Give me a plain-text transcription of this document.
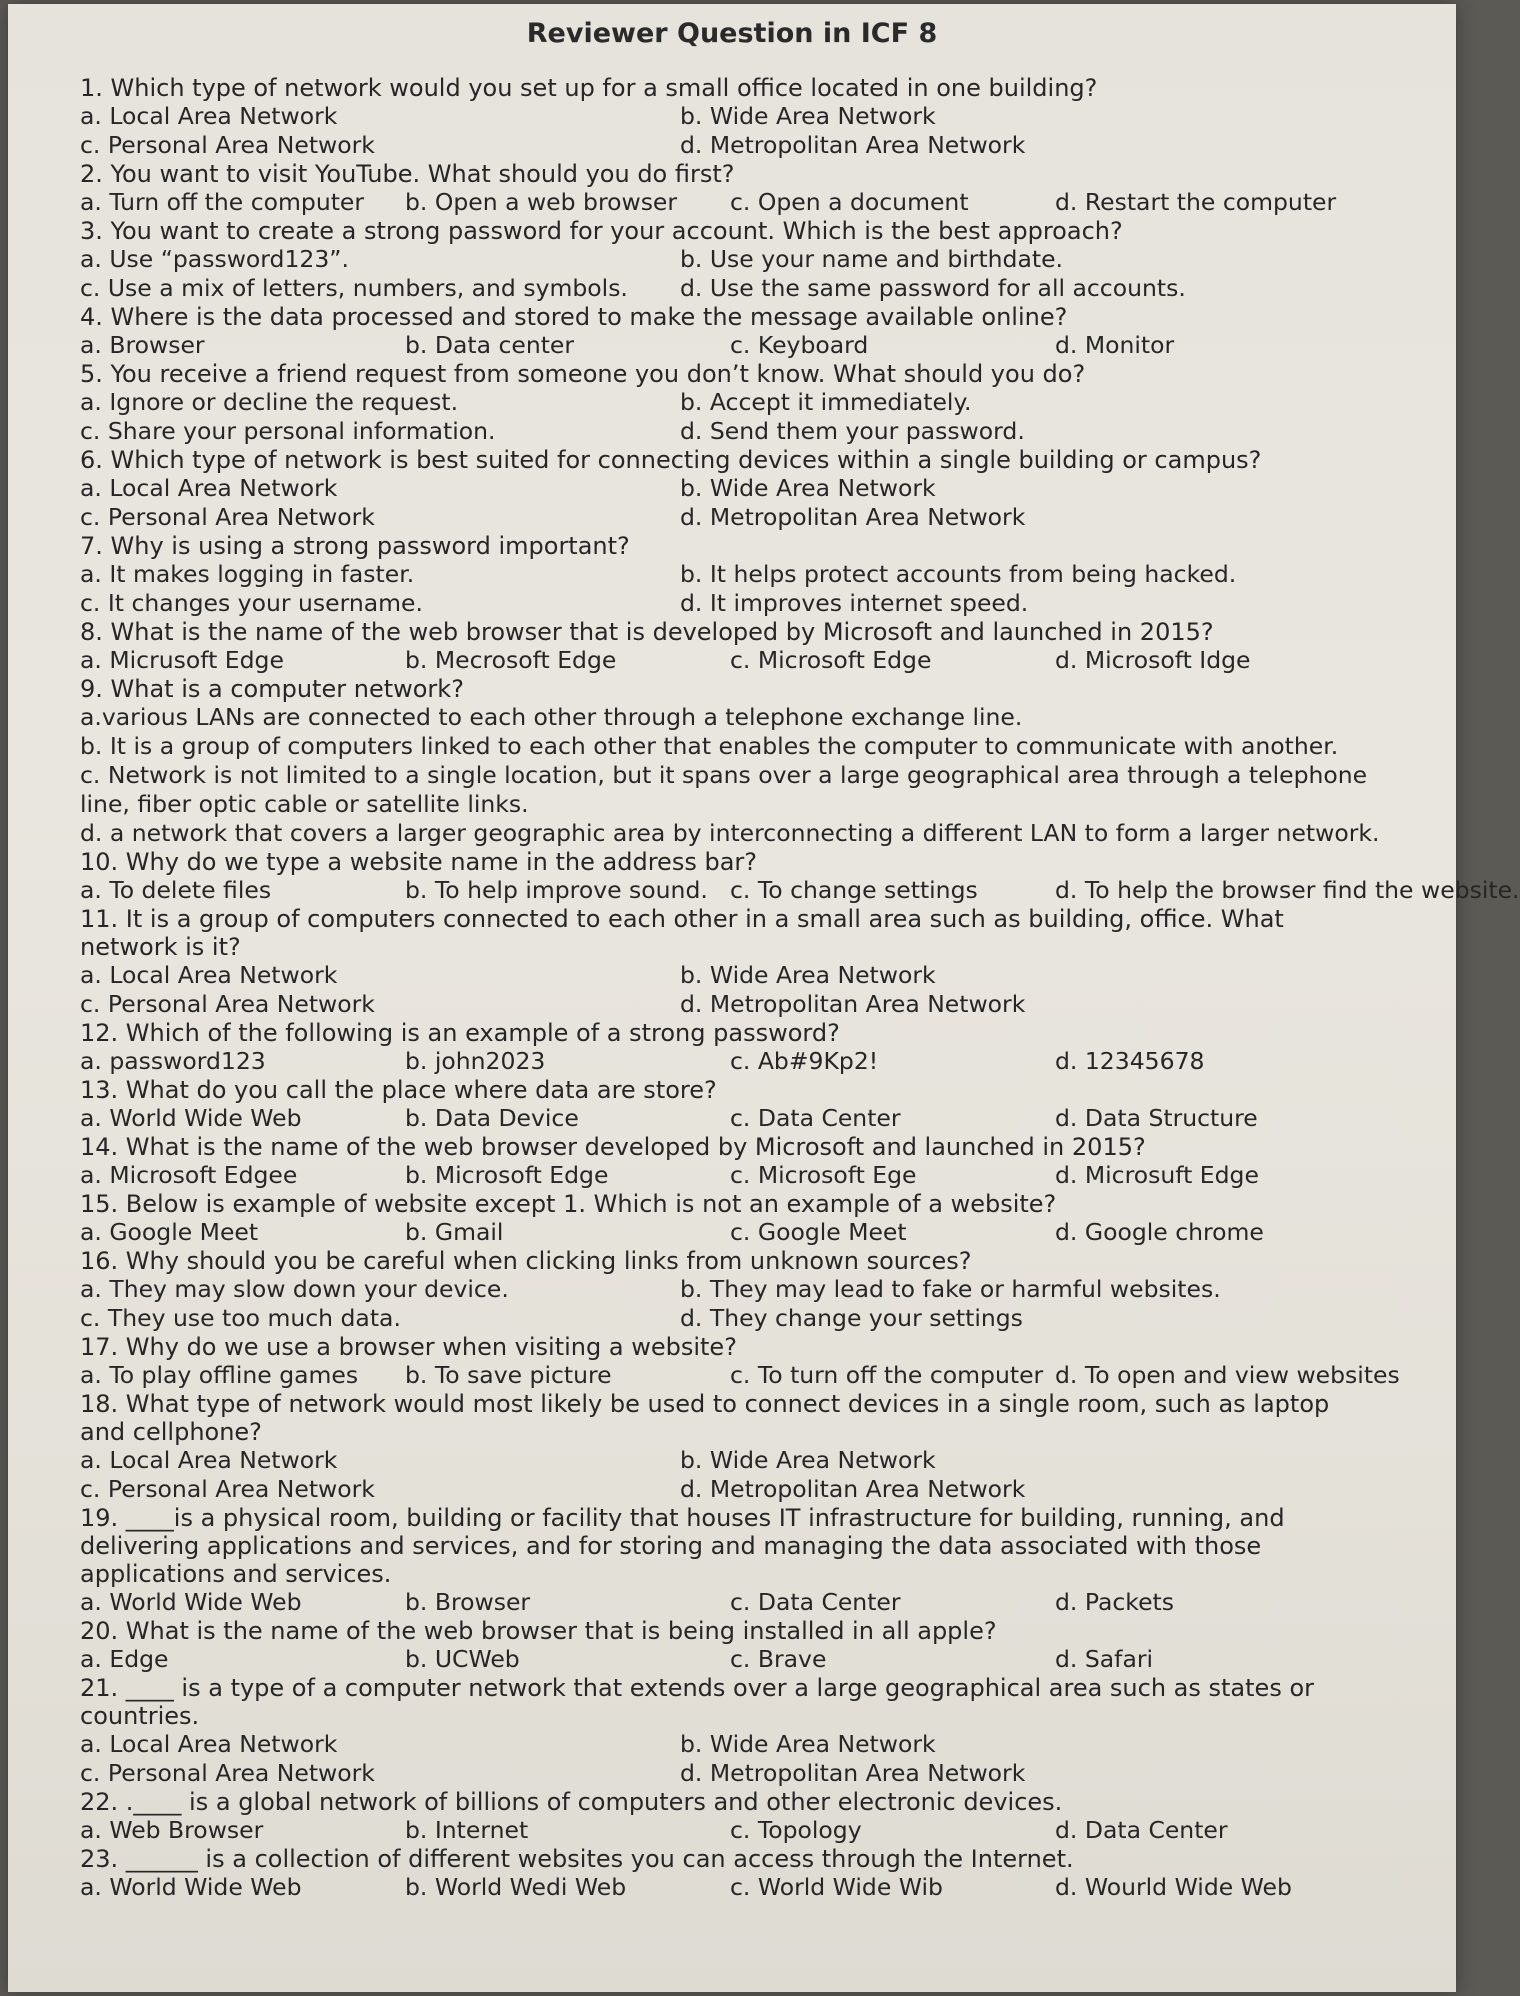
Reviewer Question in ICF 8
1. Which type of network would you set up for a small office located in one building?
a. Local Area Network	b. Wide Area Network
c. Personal Area Network	d. Metropolitan Area Network
2. You want to visit YouTube. What should you do first?
a. Turn off the computer	b. Open a web browser	c. Open a document	d. Restart the computer
3. You want to create a strong password for your account. Which is the best approach?
a. Use “password123”.	b. Use your name and birthdate.
c. Use a mix of letters, numbers, and symbols.	d. Use the same password for all accounts.
4. Where is the data processed and stored to make the message available online?
a. Browser	b. Data center	c. Keyboard	d. Monitor
5. You receive a friend request from someone you don’t know. What should you do?
a. Ignore or decline the request.	b. Accept it immediately.
c. Share your personal information.	d. Send them your password.
6. Which type of network is best suited for connecting devices within a single building or campus?
a. Local Area Network	b. Wide Area Network
c. Personal Area Network	d. Metropolitan Area Network
7. Why is using a strong password important?
a. It makes logging in faster.	b. It helps protect accounts from being hacked.
c. It changes your username.	d. It improves internet speed.
8. What is the name of the web browser that is developed by Microsoft and launched in 2015?
a. Micrusoft Edge	b. Mecrosoft Edge	c. Microsoft Edge	d. Microsoft Idge
9. What is a computer network?
a.various LANs are connected to each other through a telephone exchange line.
b. It is a group of computers linked to each other that enables the computer to communicate with another.
c. Network is not limited to a single location, but it spans over a large geographical area through a telephone line, fiber optic cable or satellite links.
d. a network that covers a larger geographic area by interconnecting a different LAN to form a larger network.
10. Why do we type a website name in the address bar?
a. To delete files	b. To help improve sound. c. To change settings	d. To help the browser find the website.
11. It is a group of computers connected to each other in a small area such as building, office. What network is it?
a. Local Area Network	b. Wide Area Network
c. Personal Area Network	d. Metropolitan Area Network
12. Which of the following is an example of a strong password?
a. password123	b. john2023	c. Ab#9Kp2!	d. 12345678
13. What do you call the place where data are store?
a. World Wide Web	b. Data Device	c. Data Center	d. Data Structure
14. What is the name of the web browser developed by Microsoft and launched in 2015?
a. Microsoft Edgee	b. Microsoft Edge	c. Microsoft Ege	d. Microsuft Edge
15. Below is example of website except 1. Which is not an example of a website?
a. Google Meet	b. Gmail	c. Google Meet	d. Google chrome
16. Why should you be careful when clicking links from unknown sources?
a. They may slow down your device.	b. They may lead to fake or harmful websites.
c. They use too much data.	d. They change your settings
17. Why do we use a browser when visiting a website?
a. To play offline games	b. To save picture	c. To turn off the computer d. To open and view websites
18. What type of network would most likely be used to connect devices in a single room, such as laptop and cellphone?
a. Local Area Network	b. Wide Area Network
c. Personal Area Network	d. Metropolitan Area Network
19. ____is a physical room, building or facility that houses IT infrastructure for building, running, and delivering applications and services, and for storing and managing the data associated with those applications and services.
a. World Wide Web	b. Browser	c. Data Center	d. Packets
20. What is the name of the web browser that is being installed in all apple?
a. Edge	b. UCWeb	c. Brave	d. Safari
21. ____ is a type of a computer network that extends over a large geographical area such as states or countries.
a. Local Area Network	b. Wide Area Network
c. Personal Area Network	d. Metropolitan Area Network
22. .____ is a global network of billions of computers and other electronic devices.
a. Web Browser	b. Internet	c. Topology	d. Data Center
23. ______ is a collection of different websites you can access through the Internet.
a. World Wide Web	b. World Wedi Web	c. World Wide Wib	d. Wourld Wide Web
